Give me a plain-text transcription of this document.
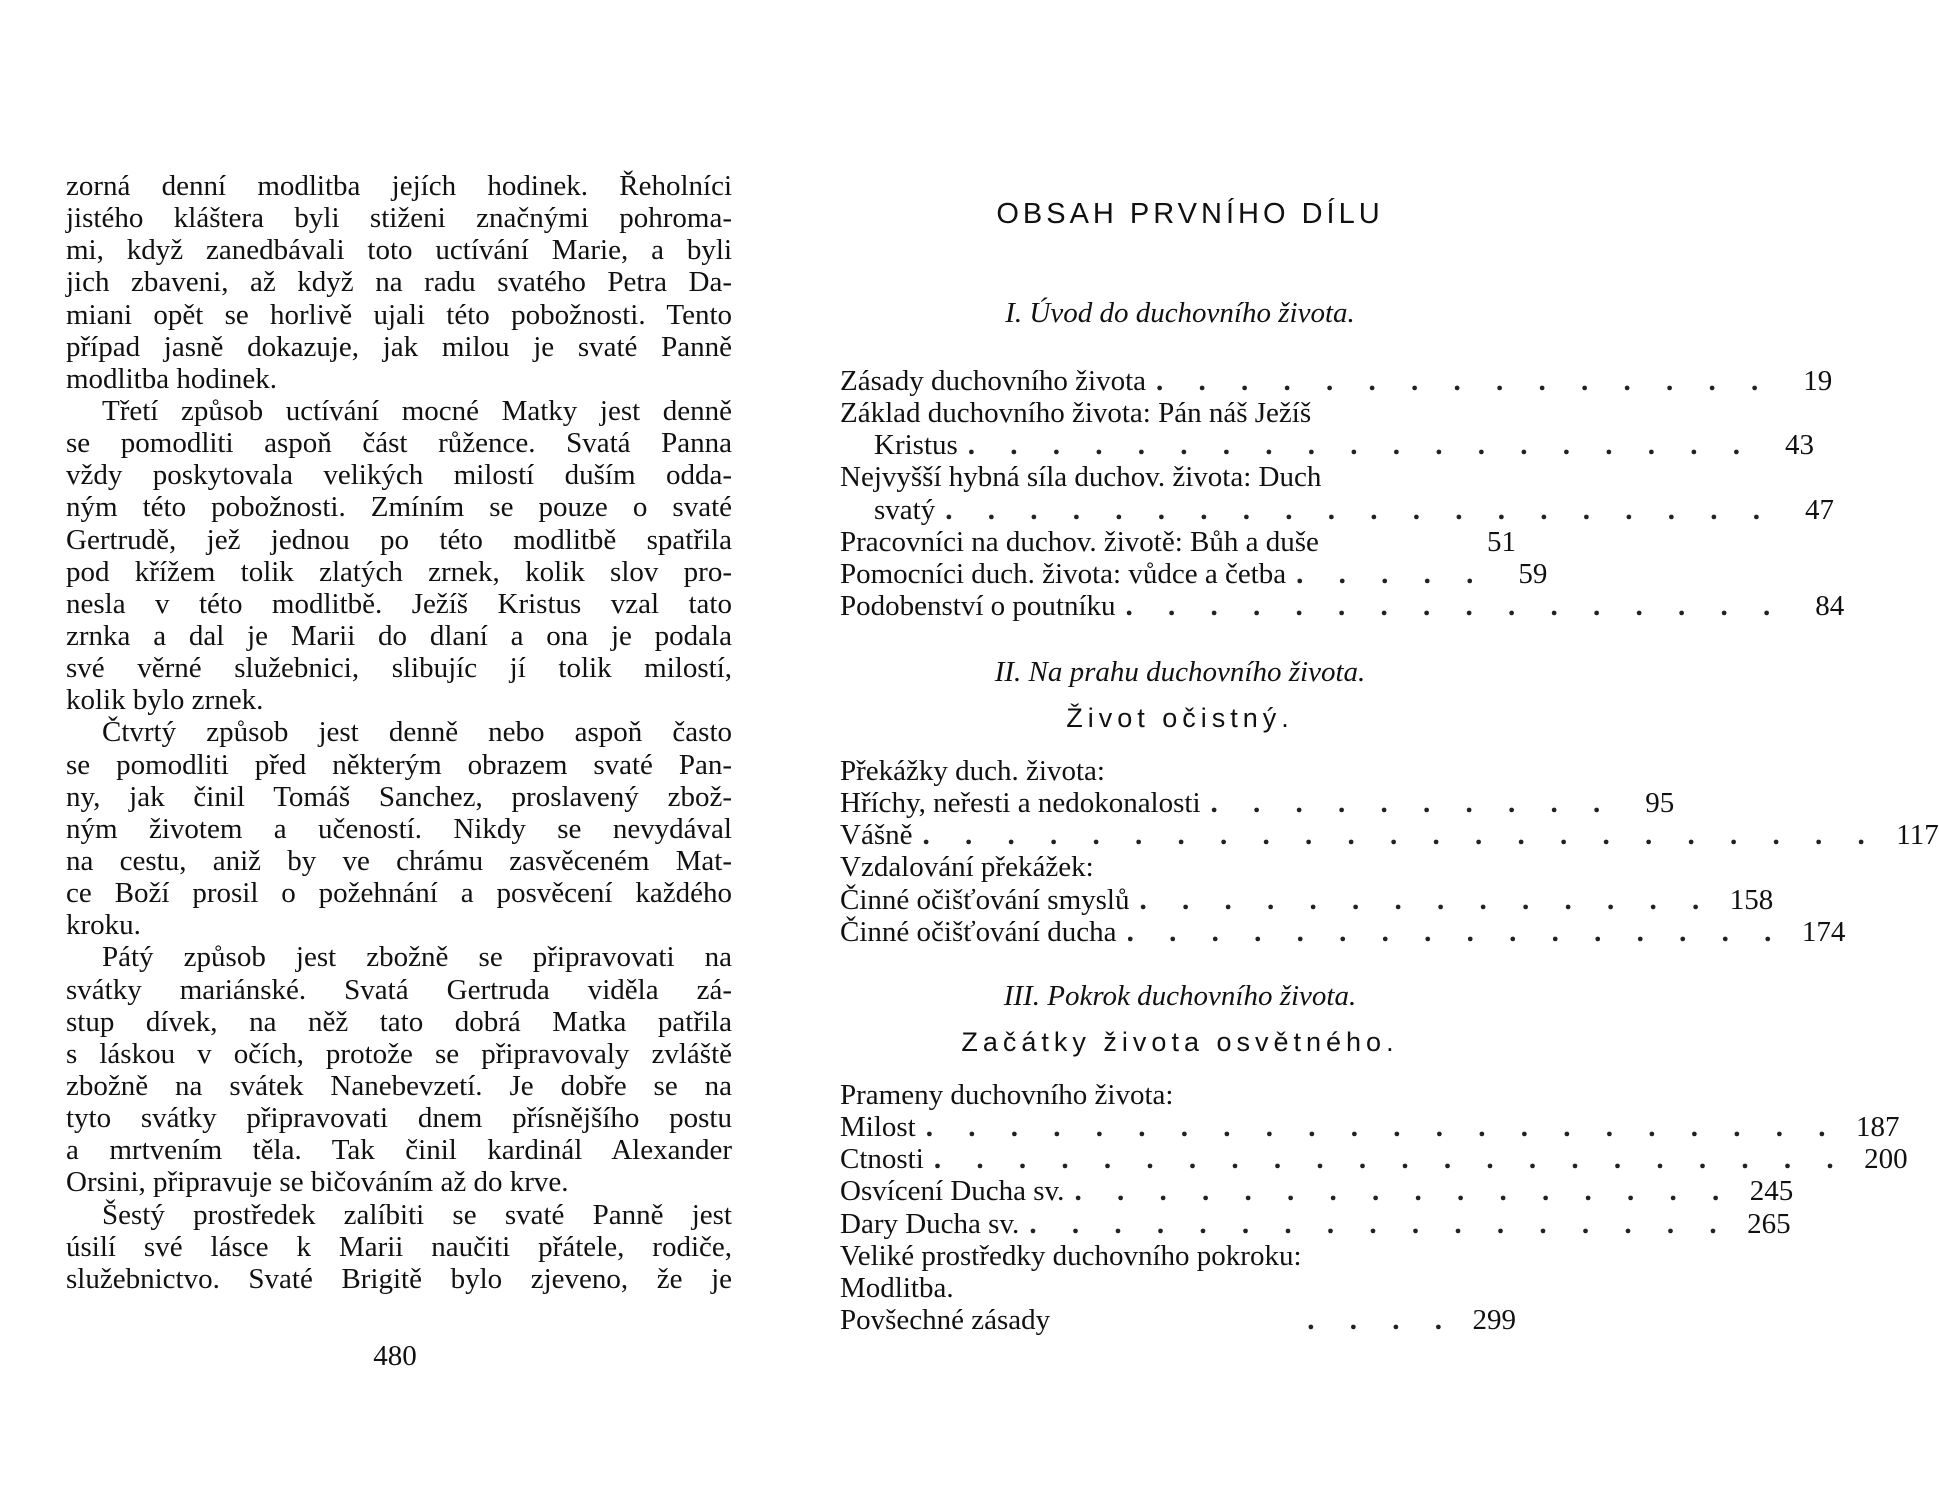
zorná denní modlitba jejích hodinek. Řeholníci
jistého kláštera byli stiženi značnými pohroma-
mi, když zanedbávali toto uctívání Marie, a byli
jich zbaveni, až když na radu svatého Petra Da-
miani opět se horlivě ujali této pobožnosti. Tento
případ jasně dokazuje, jak milou je svaté Panně
modlitba hodinek.
Třetí způsob uctívání mocné Matky jest denně
se pomodliti aspoň část růžence. Svatá Panna
vždy poskytovala velikých milostí duším odda-
ným této pobožnosti. Zmíním se pouze o svaté
Gertrudě, jež jednou po této modlitbě spatřila
pod křížem tolik zlatých zrnek, kolik slov pro-
nesla v této modlitbě. Ježíš Kristus vzal tato
zrnka a dal je Marii do dlaní a ona je podala
své věrné služebnici, slibujíc jí tolik milostí,
kolik bylo zrnek.
Čtvrtý způsob jest denně nebo aspoň často
se pomodliti před některým obrazem svaté Pan-
ny, jak činil Tomáš Sanchez, proslavený zbož-
ným životem a učeností. Nikdy se nevydával
na cestu, aniž by ve chrámu zasvěceném Mat-
ce Boží prosil o požehnání a posvěcení každého
kroku.
Pátý způsob jest zbožně se připravovati na
svátky mariánské. Svatá Gertruda viděla zá-
stup dívek, na něž tato dobrá Matka patřila
s láskou v očích, protože se připravovaly zvláště
zbožně na svátek Nanebevzetí. Je dobře se na
tyto svátky připravovati dnem přísnějšího postu
a mrtvením těla. Tak činil kardinál Alexander
Orsini, připravuje se bičováním až do krve.
Šestý prostředek zalíbiti se svaté Panně jest
úsilí své lásce k Marii naučiti přátele, rodiče,
služebnictvo. Svaté Brigitě bylo zjeveno, že je
480
OBSAH PRVNÍHO DÍLU
I. Úvod do duchovního života.
Zásady duchovního života . . . . . . . . . . . . . . .	19
Základ duchovního života: Pán náš Ježíš
Kristus . . . . . . . . . . . . . . . . . . .	43
Nejvyšší hybná síla duchov. života: Duch
svatý . . . . . . . . . . . . . . . . . . . .	47
Pracovníci na duchov. životě: Bůh a duše	51
Pomocníci duch. života: vůdce a četba . . . . .	59
Podobenství o poutníku . . . . . . . . . . . . . . . .	84
II. Na prahu duchovního života.
Život očistný.
Překážky duch. života:
Hříchy, neřesti a nedokonalosti . . . . . . . . . .	95
Vášně . . . . . . . . . . . . . . . . . . . . . . . 117
Vzdalování překážek:
Činné očišťování smyslů . . . . . . . . . . . . . . 158
Činné očišťování ducha . . . . . . . . . . . . . . . . 174
III. Pokrok duchovního života.
Začátky života osvětného.
Prameny duchovního života:
Milost . . . . . . . . . . . . . . . . . . . . . . 187
Ctnosti . . . . . . . . . . . . . . . . . . . . . . 200
Osvícení Ducha sv. . . . . . . . . . . . . . . . . 245
Dary Ducha sv. . . . . . . . . . . . . . . . . . 265
Veliké prostředky duchovního pokroku:
Modlitba.
Povšechné zásady	. . . . 299
